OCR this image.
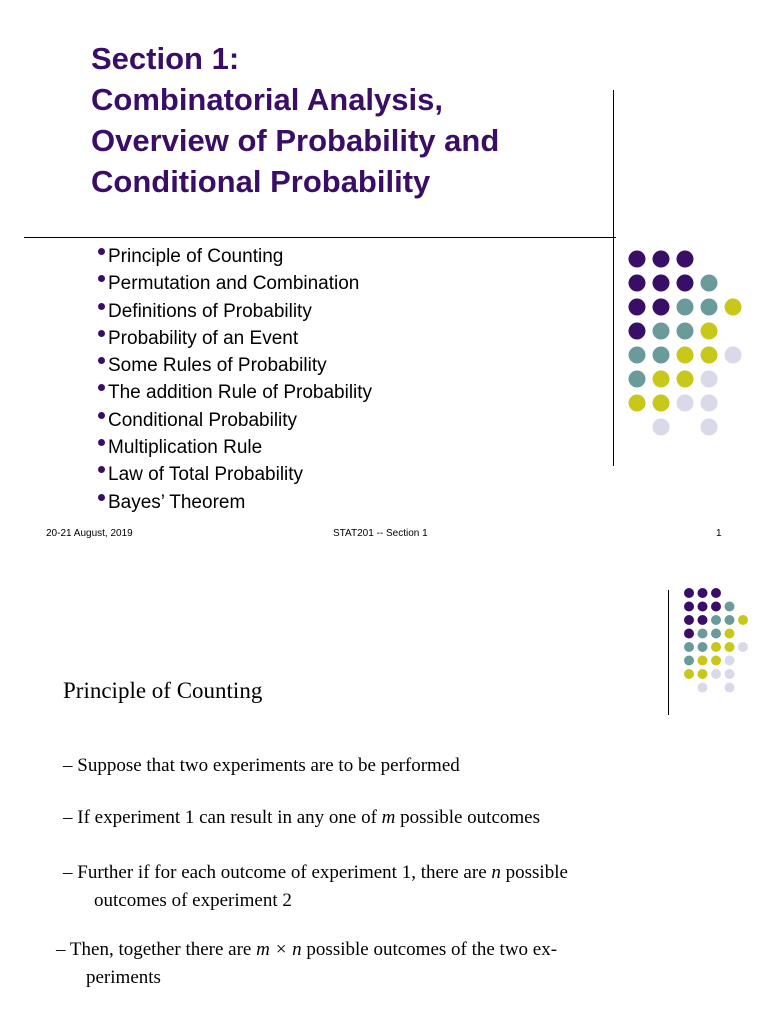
Section 1:
Combinatorial Analysis,
Overview of Probability and
Conditional Probability
Principle of Counting
Permutation and Combination
Definitions of Probability
Probability of an Event
Some Rules of Probability
The addition Rule of Probability
Conditional Probability
Multiplication Rule
Law of Total Probability
Bayes’ Theorem
20-21 August, 2019	STAT201 -- Section 1	1
Principle of Counting
– Suppose that two experiments are to be performed
– If experiment 1 can result in any one of m possible outcomes
– Further if for each outcome of experiment 1, there are n possible
outcomes of experiment 2
– Then, together there are m × n possible outcomes of the two ex-
periments
